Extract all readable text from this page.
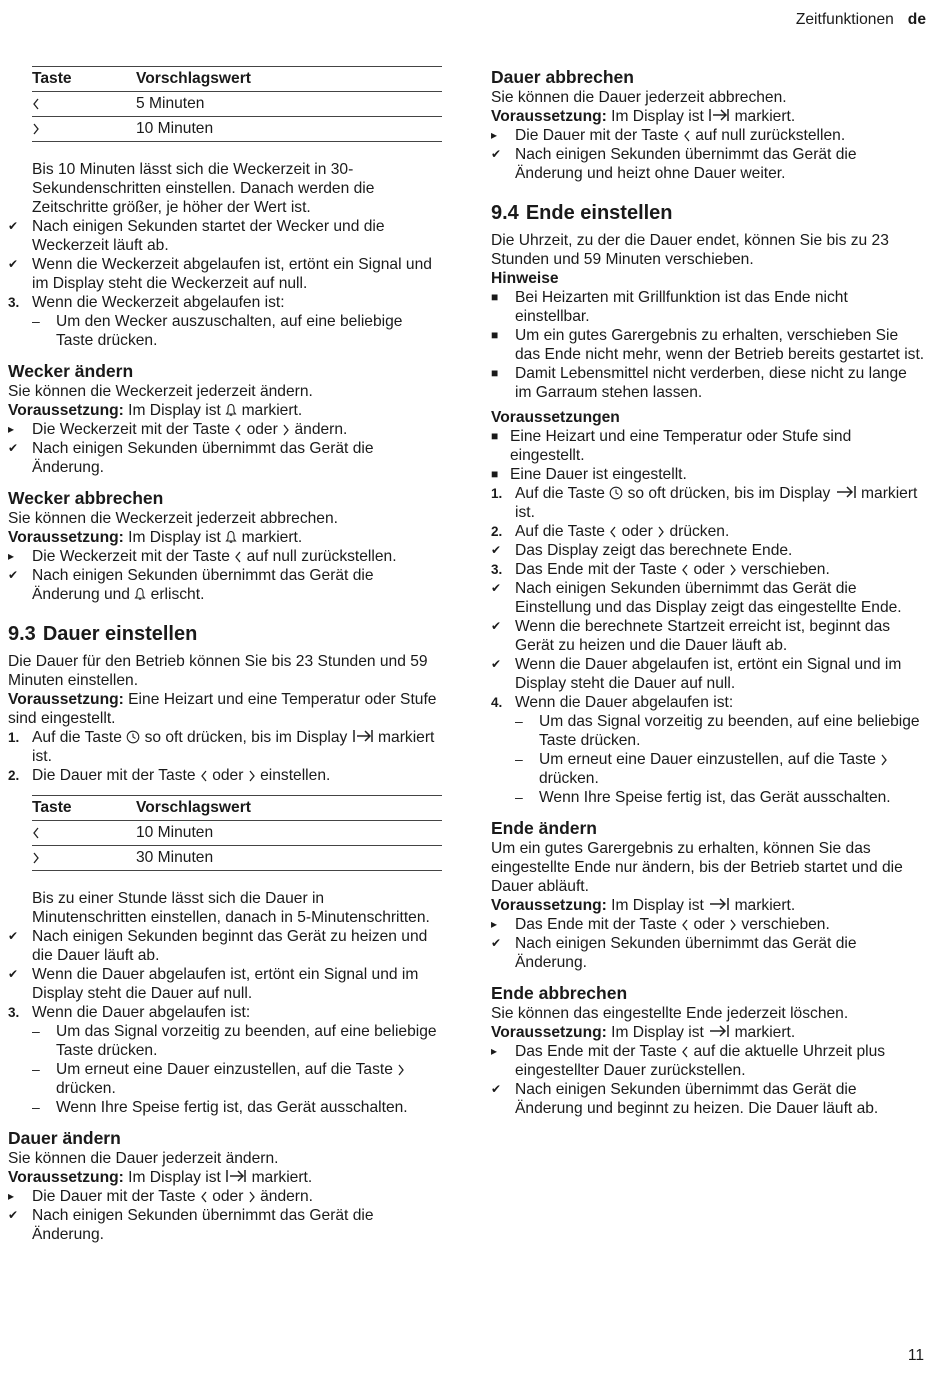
Zeitfunktionen de
Taste	Vorschlagswert
	5 Minuten
	10 Minuten

Bis 10 Minuten lässt sich die Weckerzeit in 30-Sekundenschritten einstellen. Danach werden die Zeitschritte größer, je höher der Wert ist.

✔ Nach einigen Sekunden startet der Wecker und die Weckerzeit läuft ab.
✔ Wenn die Weckerzeit abgelaufen ist, ertönt ein Signal und im Display steht die Weckerzeit auf null.
3. Wenn die Weckerzeit abgelaufen ist:
–	Um den Wecker auszuschalten, auf eine beliebige Taste drücken.
Wecker ändern

Sie können die Weckerzeit jederzeit ändern.

Voraussetzung: Im Display ist markiert.

▸	Die Weckerzeit mit der Taste oder ändern.
✔ Nach einigen Sekunden übernimmt das Gerät die Änderung.
Wecker abbrechen

Sie können die Weckerzeit jederzeit abbrechen.

Voraussetzung: Im Display ist markiert.

▸	Die Weckerzeit mit der Taste auf null zurückstellen.
✔ Nach einigen Sekunden übernimmt das Gerät die Änderung und erlischt.
9.3 Dauer einstellen

Die Dauer für den Betrieb können Sie bis 23 Stunden und 59 Minuten einstellen.

Voraussetzung: Eine Heizart und eine Temperatur oder Stufe sind eingestellt.

1. Auf die Taste so oft drücken, bis im Display markiert ist.
2. Die Dauer mit der Taste oder einstellen.
Taste	Vorschlagswert
	10 Minuten
	30 Minuten

Bis zu einer Stunde lässt sich die Dauer in Minutenschritten einstellen, danach in 5-Minutenschritten.

✔ Nach einigen Sekunden beginnt das Gerät zu heizen und die Dauer läuft ab.
✔ Wenn die Dauer abgelaufen ist, ertönt ein Signal und im Display steht die Dauer auf null.
3. Wenn die Dauer abgelaufen ist:
–	Um das Signal vorzeitig zu beenden, auf eine beliebige Taste drücken.
–	Um erneut eine Dauer einzustellen, auf die Taste  drücken.
–	Wenn Ihre Speise fertig ist, das Gerät ausschalten.
Dauer ändern

Sie können die Dauer jederzeit ändern.

Voraussetzung: Im Display ist markiert.

▸	Die Dauer mit der Taste oder ändern.
✔ Nach einigen Sekunden übernimmt das Gerät die Änderung.
Dauer abbrechen

Sie können die Dauer jederzeit abbrechen.

Voraussetzung: Im Display ist markiert.

▸	Die Dauer mit der Taste auf null zurückstellen.
✔ Nach einigen Sekunden übernimmt das Gerät die Änderung und heizt ohne Dauer weiter.
9.4 Ende einstellen

Die Uhrzeit, zu der die Dauer endet, können Sie bis zu 23 Stunden und 59 Minuten verschieben.

Hinweise
■	Bei Heizarten mit Grillfunktion ist das Ende nicht einstellbar.
■	Um ein gutes Garergebnis zu erhalten, verschieben Sie das Ende nicht mehr, wenn der Betrieb bereits gestartet ist.
■	Damit Lebensmittel nicht verderben, diese nicht zu lange im Garraum stehen lassen.
Voraussetzungen
■ Eine Heizart und eine Temperatur oder Stufe sind eingestellt.
■ Eine Dauer ist eingestellt.
1. Auf die Taste so oft drücken, bis im Display markiert ist.
2. Auf die Taste oder drücken.
✔ Das Display zeigt das berechnete Ende.
3. Das Ende mit der Taste oder verschieben.
✔ Nach einigen Sekunden übernimmt das Gerät die Einstellung und das Display zeigt das eingestellte Ende.
✔ Wenn die berechnete Startzeit erreicht ist, beginnt das Gerät zu heizen und die Dauer läuft ab.
✔ Wenn die Dauer abgelaufen ist, ertönt ein Signal und im Display steht die Dauer auf null.
4. Wenn die Dauer abgelaufen ist:
–	Um das Signal vorzeitig zu beenden, auf eine beliebige Taste drücken.
–	Um erneut eine Dauer einzustellen, auf die Taste  drücken.
–	Wenn Ihre Speise fertig ist, das Gerät ausschalten.
Ende ändern

Um ein gutes Garergebnis zu erhalten, können Sie das eingestellte Ende nur ändern, bis der Betrieb startet und die Dauer abläuft.

Voraussetzung: Im Display ist markiert.

▸	Das Ende mit der Taste oder verschieben.
✔ Nach einigen Sekunden übernimmt das Gerät die Änderung.
Ende abbrechen

Sie können das eingestellte Ende jederzeit löschen.

Voraussetzung: Im Display ist markiert.

▸	Das Ende mit der Taste auf die aktuelle Uhrzeit plus eingestellter Dauer zurückstellen.
✔ Nach einigen Sekunden übernimmt das Gerät die Änderung und beginnt zu heizen. Die Dauer läuft ab.
11
